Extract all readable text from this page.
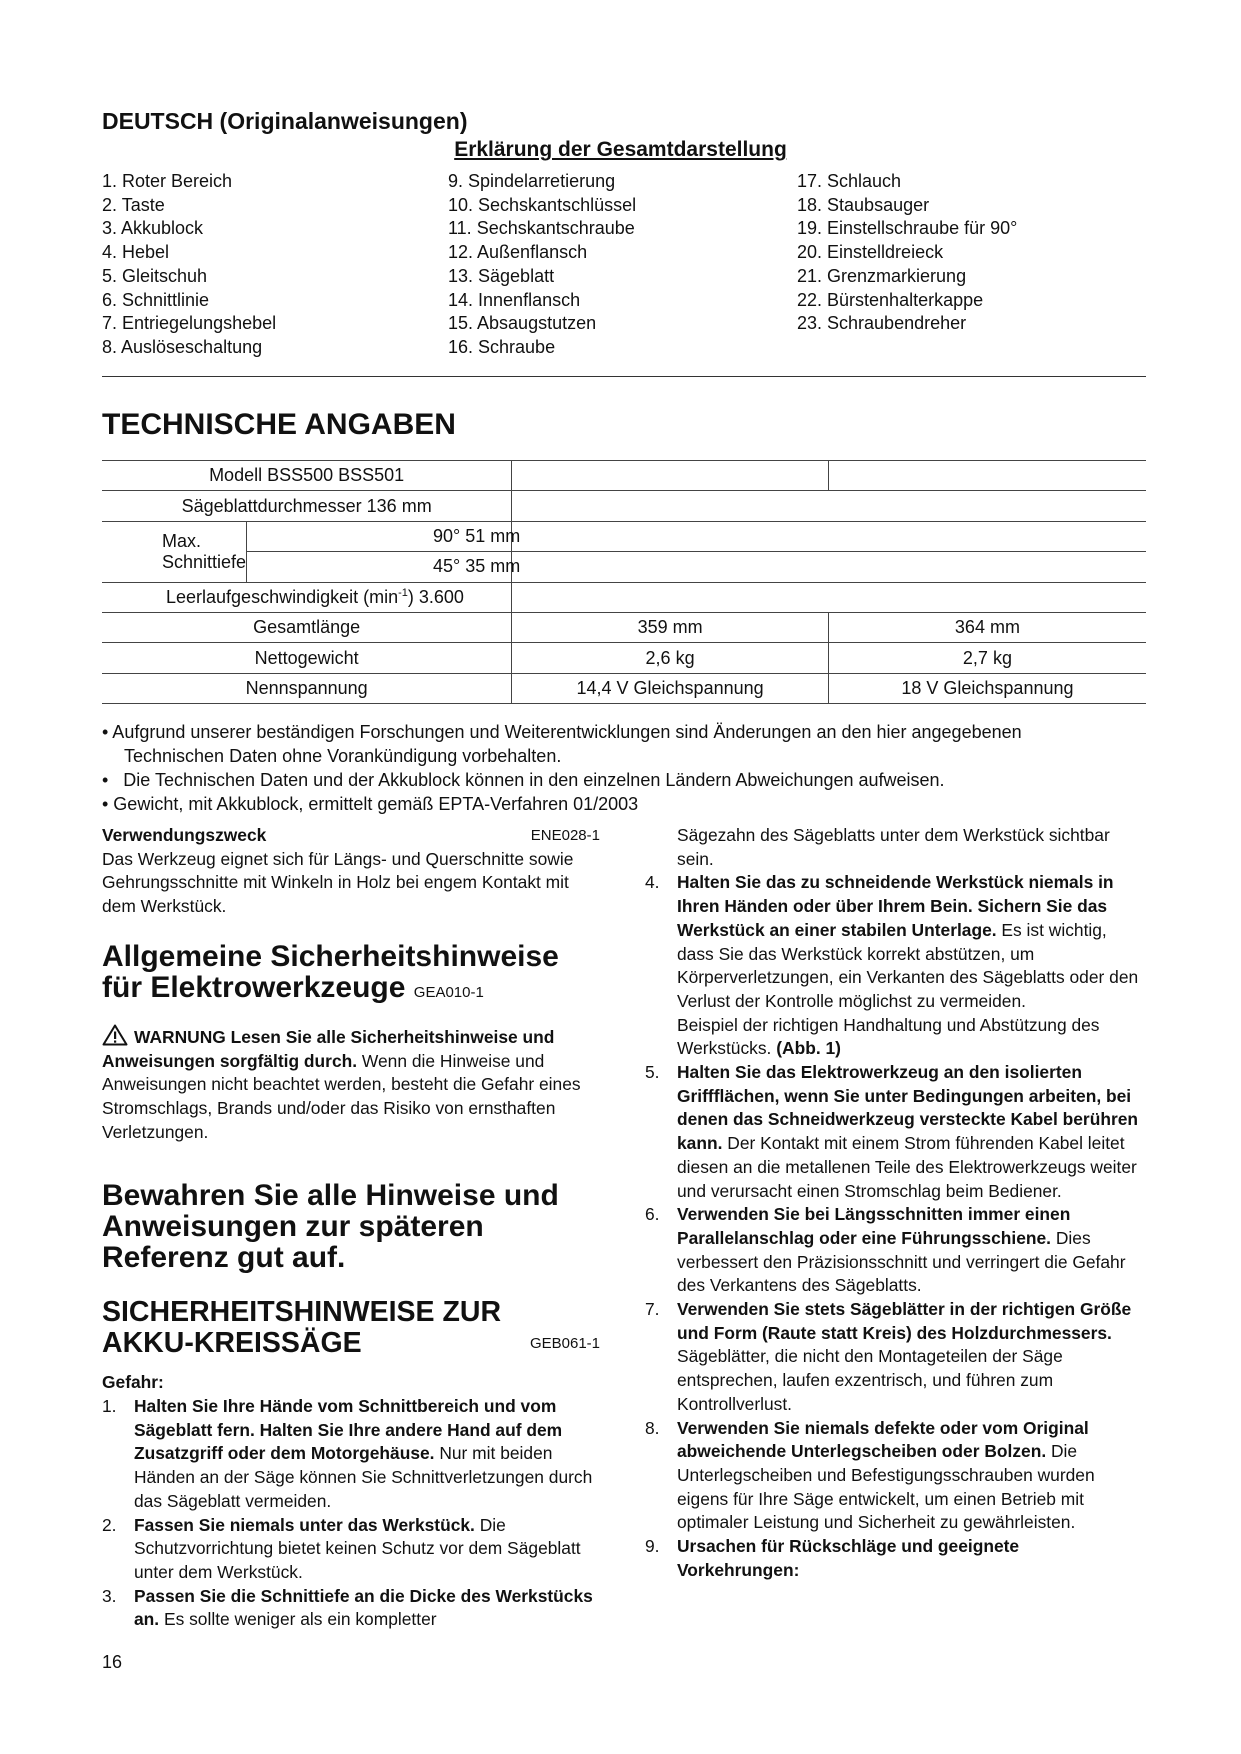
DEUTSCH (Originalanweisungen)
Erklärung der Gesamtdarstellung
1. Roter Bereich
2. Taste
3. Akkublock
4. Hebel
5. Gleitschuh
6. Schnittlinie
7. Entriegelungshebel
8. Auslöseschaltung
9. Spindelarretierung
10. Sechskantschlüssel
11. Sechskantschraube
12. Außenflansch
13. Sägeblatt
14. Innenflansch
15. Absaugstutzen
16. Schraube
17. Schlauch
18. Staubsauger
19. Einstellschraube für 90°
20. Einstelldreieck
21. Grenzmarkierung
22. Bürstenhalterkappe
23. Schraubendreher
TECHNISCHE ANGABEN
Modell BSS500 BSS501			
Sägeblattdurchmesser 136 mm			
Max. Schnittiefe	90° 51 mm		
	45° 35 mm		
Leerlaufgeschwindigkeit $(\min^{-1})$ 3.600			
Gesamtlänge		359 mm	364 mm
Nettogewicht		2,6 kg	2,7 kg
Nennspannung		14,4 V Gleichspannung	18 V Gleichspannung
• Aufgrund unserer beständigen Forschungen und Weiterentwicklungen sind Änderungen an den hier angegebenen
Technischen Daten ohne Vorankündigung vorbehalten.
•   Die Technischen Daten und der Akkublock können in den einzelnen Ländern Abweichungen aufweisen.
• Gewicht, mit Akkublock, ermittelt gemäß EPTA-Verfahren 01/2003
Verwendungszweck	ENE028-1
Das Werkzeug eignet sich für Längs- und Querschnitte sowie Gehrungsschnitte mit Winkeln in Holz bei engem Kontakt mit dem Werkstück.
Allgemeine Sicherheitshinweise
für Elektrowerkzeuge GEA010-1
WARNUNG Lesen Sie alle Sicherheitshinweise und Anweisungen sorgfältig durch. Wenn die Hinweise und Anweisungen nicht beachtet werden, besteht die Gefahr eines Stromschlags, Brands und/oder das Risiko von ernsthaften Verletzungen.
Bewahren Sie alle Hinweise und Anweisungen zur späteren Referenz gut auf.
SICHERHEITSHINWEISE ZUR
AKKU-KREISSÄGE	GEB061-1
Gefahr:
1. Halten Sie Ihre Hände vom Schnittbereich und vom Sägeblatt fern. Halten Sie Ihre andere Hand auf dem Zusatzgriff oder dem Motorgehäuse. Nur mit beiden Händen an der Säge können Sie Schnittverletzungen durch das Sägeblatt vermeiden.
2. Fassen Sie niemals unter das Werkstück. Die Schutzvorrichtung bietet keinen Schutz vor dem Sägeblatt unter dem Werkstück.
3. Passen Sie die Schnittiefe an die Dicke des Werkstücks an. Es sollte weniger als ein kompletter
Sägezahn des Sägeblatts unter dem Werkstück sichtbar sein.
4. Halten Sie das zu schneidende Werkstück niemals in Ihren Händen oder über Ihrem Bein. Sichern Sie das Werkstück an einer stabilen Unterlage. Es ist wichtig, dass Sie das Werkstück korrekt abstützen, um Körperverletzungen, ein Verkanten des Sägeblatts oder den Verlust der Kontrolle möglichst zu vermeiden.
Beispiel der richtigen Handhaltung und Abstützung des Werkstücks. (Abb. 1)
5. Halten Sie das Elektrowerkzeug an den isolierten Griffflächen, wenn Sie unter Bedingungen arbeiten, bei denen das Schneidwerkzeug versteckte Kabel berühren kann. Der Kontakt mit einem Strom führenden Kabel leitet diesen an die metallenen Teile des Elektrowerkzeugs weiter und verursacht einen Stromschlag beim Bediener.
6. Verwenden Sie bei Längsschnitten immer einen Parallelanschlag oder eine Führungsschiene. Dies verbessert den Präzisionsschnitt und verringert die Gefahr des Verkantens des Sägeblatts.
7. Verwenden Sie stets Sägeblätter in der richtigen Größe und Form (Raute statt Kreis) des Holzdurchmessers. Sägeblätter, die nicht den Montageteilen der Säge entsprechen, laufen exzentrisch, und führen zum Kontrollverlust.
8. Verwenden Sie niemals defekte oder vom Original abweichende Unterlegscheiben oder Bolzen. Die Unterlegscheiben und Befestigungsschrauben wurden eigens für Ihre Säge entwickelt, um einen Betrieb mit optimaler Leistung und Sicherheit zu gewährleisten.
9. Ursachen für Rückschläge und geeignete Vorkehrungen:
16
